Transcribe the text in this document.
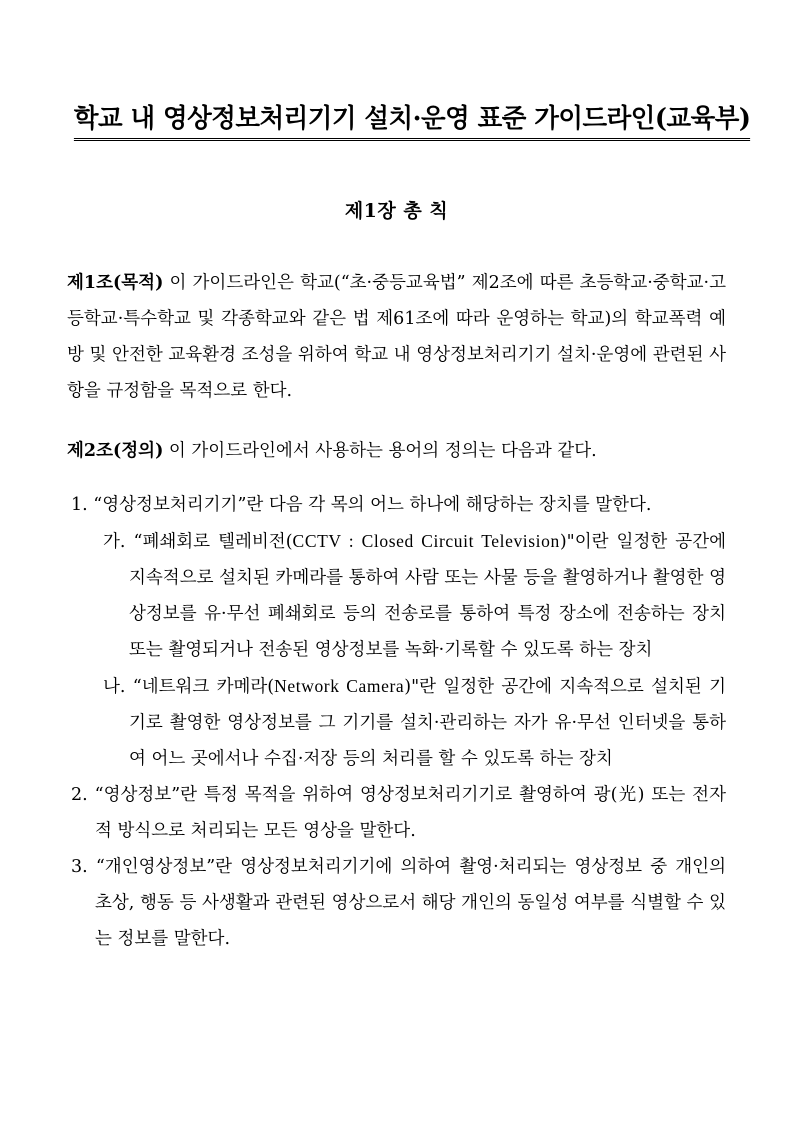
학교 내 영상정보처리기기 설치·운영 표준 가이드라인(교육부)
제1장 총 칙

제1조(목적) 이 가이드라인은 학교(“초·중등교육법” 제2조에 따른 초등학교·중학교·고등학교·특수학교 및 각종학교와 같은 법 제61조에 따라 운영하는 학교)의 학교폭력 예방 및 안전한 교육환경 조성을 위하여 학교 내 영상정보처리기기 설치·운영에 관련된 사항을 규정함을 목적으로 한다.

제2조(정의) 이 가이드라인에서 사용하는 용어의 정의는 다음과 같다.

1. “영상정보처리기기”란 다음 각 목의 어느 하나에 해당하는 장치를 말한다.

가. “폐쇄회로 텔레비전(CCTV : Closed Circuit Television)"이란 일정한 공간에 지속적으로 설치된 카메라를 통하여 사람 또는 사물 등을 촬영하거나 촬영한 영상정보를 유·무선 폐쇄회로 등의 전송로를 통하여 특정 장소에 전송하는 장치 또는 촬영되거나 전송된 영상정보를 녹화·기록할 수 있도록 하는 장치

나. “네트워크 카메라(Network Camera)"란 일정한 공간에 지속적으로 설치된 기기로 촬영한 영상정보를 그 기기를 설치·관리하는 자가 유·무선 인터넷을 통하여 어느 곳에서나 수집·저장 등의 처리를 할 수 있도록 하는 장치

2. “영상정보”란 특정 목적을 위하여 영상정보처리기기로 촬영하여 광(光) 또는 전자적 방식으로 처리되는 모든 영상을 말한다.

3. “개인영상정보”란 영상정보처리기기에 의하여 촬영·처리되는 영상정보 중 개인의 초상, 행동 등 사생활과 관련된 영상으로서 해당 개인의 동일성 여부를 식별할 수 있는 정보를 말한다.
